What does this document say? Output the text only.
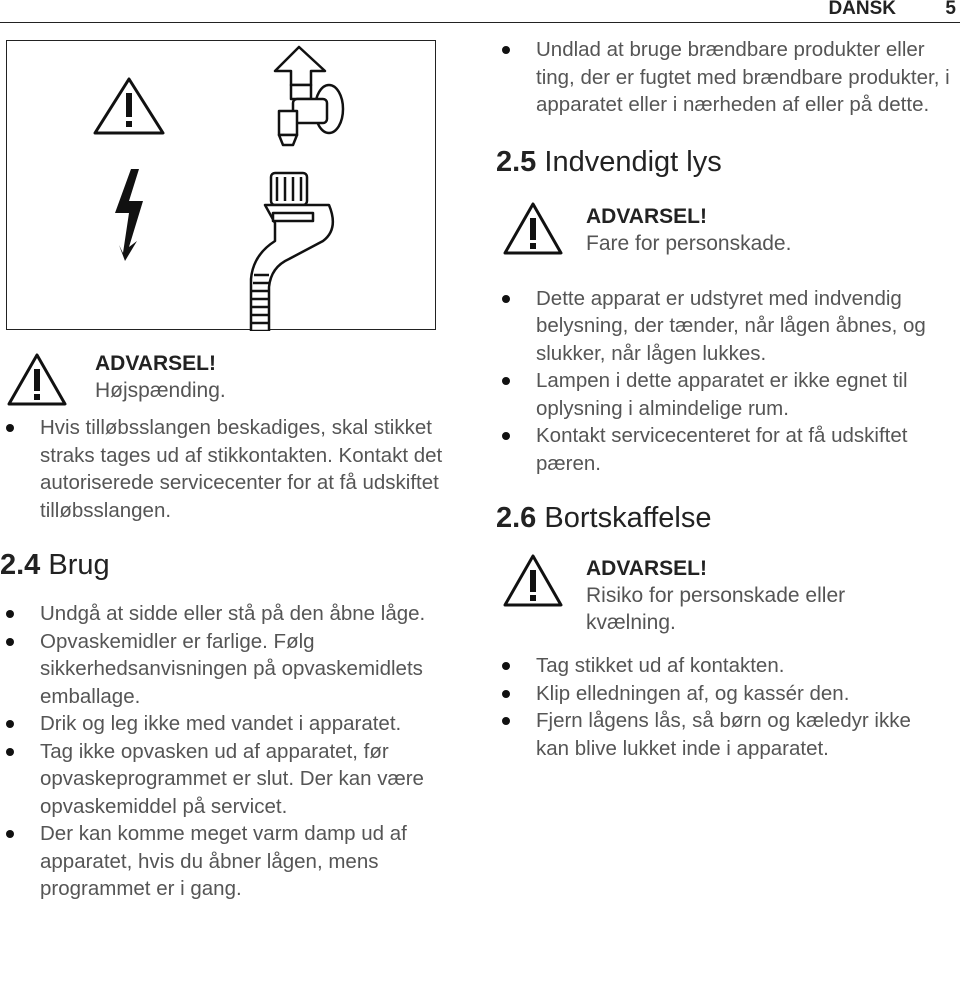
DANSK	5
ADVARSEL!
Højspænding.
Hvis tilløbsslangen beskadiges, skal stikket straks tages ud af stikkontakten. Kontakt det autoriserede servicecenter for at få udskiftet tilløbsslangen.
2.4 Brug
Undgå at sidde eller stå på den åbne låge.
Opvaskemidler er farlige. Følg sikkerhedsanvisningen på opvaskemidlets emballage.
Drik og leg ikke med vandet i apparatet.
Tag ikke opvasken ud af apparatet, før opvaskeprogrammet er slut. Der kan være opvaskemiddel på servicet.
Der kan komme meget varm damp ud af apparatet, hvis du åbner lågen, mens programmet er i gang.
Undlad at bruge brændbare produkter eller ting, der er fugtet med brændbare produkter, i apparatet eller i nærheden af eller på dette.
2.5 Indvendigt lys
ADVARSEL!
Fare for personskade.
Dette apparat er udstyret med indvendig belysning, der tænder, når lågen åbnes, og slukker, når lågen lukkes.
Lampen i dette apparatet er ikke egnet til oplysning i almindelige rum.
Kontakt servicecenteret for at få udskiftet pæren.
2.6 Bortskaffelse
ADVARSEL!
Risiko for personskade eller kvælning.
Tag stikket ud af kontakten.
Klip elledningen af, og kassér den.
Fjern lågens lås, så børn og kæledyr ikke kan blive lukket inde i apparatet.
